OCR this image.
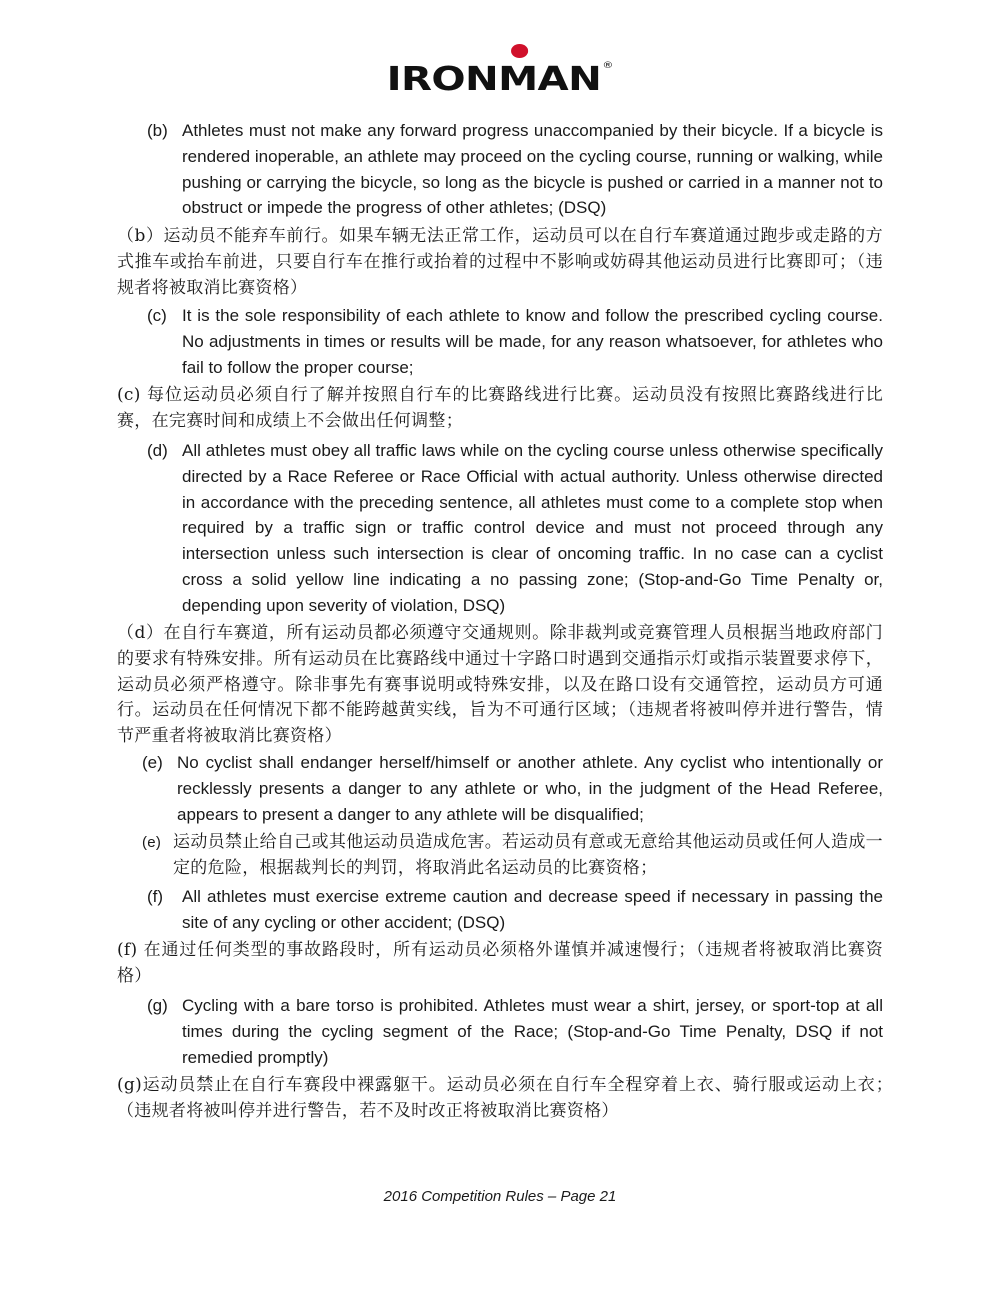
IRONMAN®
(b) Athletes must not make any forward progress unaccompanied by their bicycle. If a bicycle is rendered inoperable, an athlete may proceed on the cycling course, running or walking, while pushing or carrying the bicycle, so long as the bicycle is pushed or carried in a manner not to obstruct or impede the progress of other athletes; (DSQ)
（b）运动员不能弃车前行。如果车辆无法正常工作，运动员可以在自行车赛道通过跑步或走路的方式推车或抬车前进，只要自行车在推行或抬着的过程中不影响或妨碍其他运动员进行比赛即可；（违规者将被取消比赛资格）
(c) It is the sole responsibility of each athlete to know and follow the prescribed cycling course. No adjustments in times or results will be made, for any reason whatsoever, for athletes who fail to follow the proper course;
(c) 每位运动员必须自行了解并按照自行车的比赛路线进行比赛。运动员没有按照比赛路线进行比赛，在完赛时间和成绩上不会做出任何调整；
(d) All athletes must obey all traffic laws while on the cycling course unless otherwise specifically directed by a Race Referee or Race Official with actual authority. Unless otherwise directed in accordance with the preceding sentence, all athletes must come to a complete stop when required by a traffic sign or traffic control device and must not proceed through any intersection unless such intersection is clear of oncoming traffic. In no case can a cyclist cross a solid yellow line indicating a no passing zone; (Stop-and-Go Time Penalty or, depending upon severity of violation, DSQ)
（d）在自行车赛道，所有运动员都必须遵守交通规则。除非裁判或竞赛管理人员根据当地政府部门的要求有特殊安排。所有运动员在比赛路线中通过十字路口时遇到交通指示灯或指示装置要求停下，运动员必须严格遵守。除非事先有赛事说明或特殊安排，以及在路口设有交通管控，运动员方可通行。运动员在任何情况下都不能跨越黄实线，旨为不可通行区域；（违规者将被叫停并进行警告，情节严重者将被取消比赛资格）
(e) No cyclist shall endanger herself/himself or another athlete. Any cyclist who intentionally or recklessly presents a danger to any athlete or who, in the judgment of the Head Referee, appears to present a danger to any athlete will be disqualified;
(e) 运动员禁止给自己或其他运动员造成危害。若运动员有意或无意给其他运动员或任何人造成一定的危险，根据裁判长的判罚，将取消此名运动员的比赛资格；
(f) All athletes must exercise extreme caution and decrease speed if necessary in passing the site of any cycling or other accident; (DSQ)
(f) 在通过任何类型的事故路段时，所有运动员必须格外谨慎并减速慢行；（违规者将被取消比赛资格）
(g) Cycling with a bare torso is prohibited. Athletes must wear a shirt, jersey, or sport-top at all times during the cycling segment of the Race; (Stop-and-Go Time Penalty, DSQ if not remedied promptly)
(g)运动员禁止在自行车赛段中裸露躯干。运动员必须在自行车全程穿着上衣、骑行服或运动上衣；（违规者将被叫停并进行警告，若不及时改正将被取消比赛资格）
2016 Competition Rules – Page 21
